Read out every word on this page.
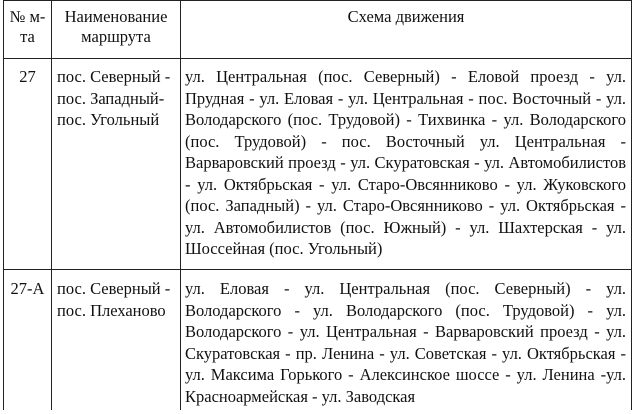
№ м-та	Наименование маршрута	Схема движения
27	пос. Северный - пос. Западный- пос. Угольный	ул. Центральная (пос. Северный) - Еловой проезд - ул. Прудная - ул. Еловая - ул. Центральная - пос. Восточный - ул. Володарского (пос. Трудовой) - Тихвинка - ул. Володарского (пос. Трудовой) - пос. Восточный ул. Центральная - Варваровский проезд - ул. Скуратовская - ул. Автомобилистов - ул. Октябрьская - ул. Старо-Овсянниково - ул. Жуковского (пос. Западный) - ул. Старо-Овсянниково - ул. Октябрьская - ул. Автомобилистов (пос. Южный) - ул. Шахтерская - ул. Шоссейная (пос. Угольный)
27-А	пос. Северный - пос. Плеханово	ул. Еловая - ул. Центральная (пос. Северный) - ул. Володарского - ул. Володарского (пос. Трудовой) - ул. Володарского - ул. Центральная - Варваровский проезд - ул. Скуратовская - пр. Ленина - ул. Советская - ул. Октябрьская - ул. Максима Горького - Алексинское шоссе - ул. Ленина -ул. Красноармейская - ул. Заводская
